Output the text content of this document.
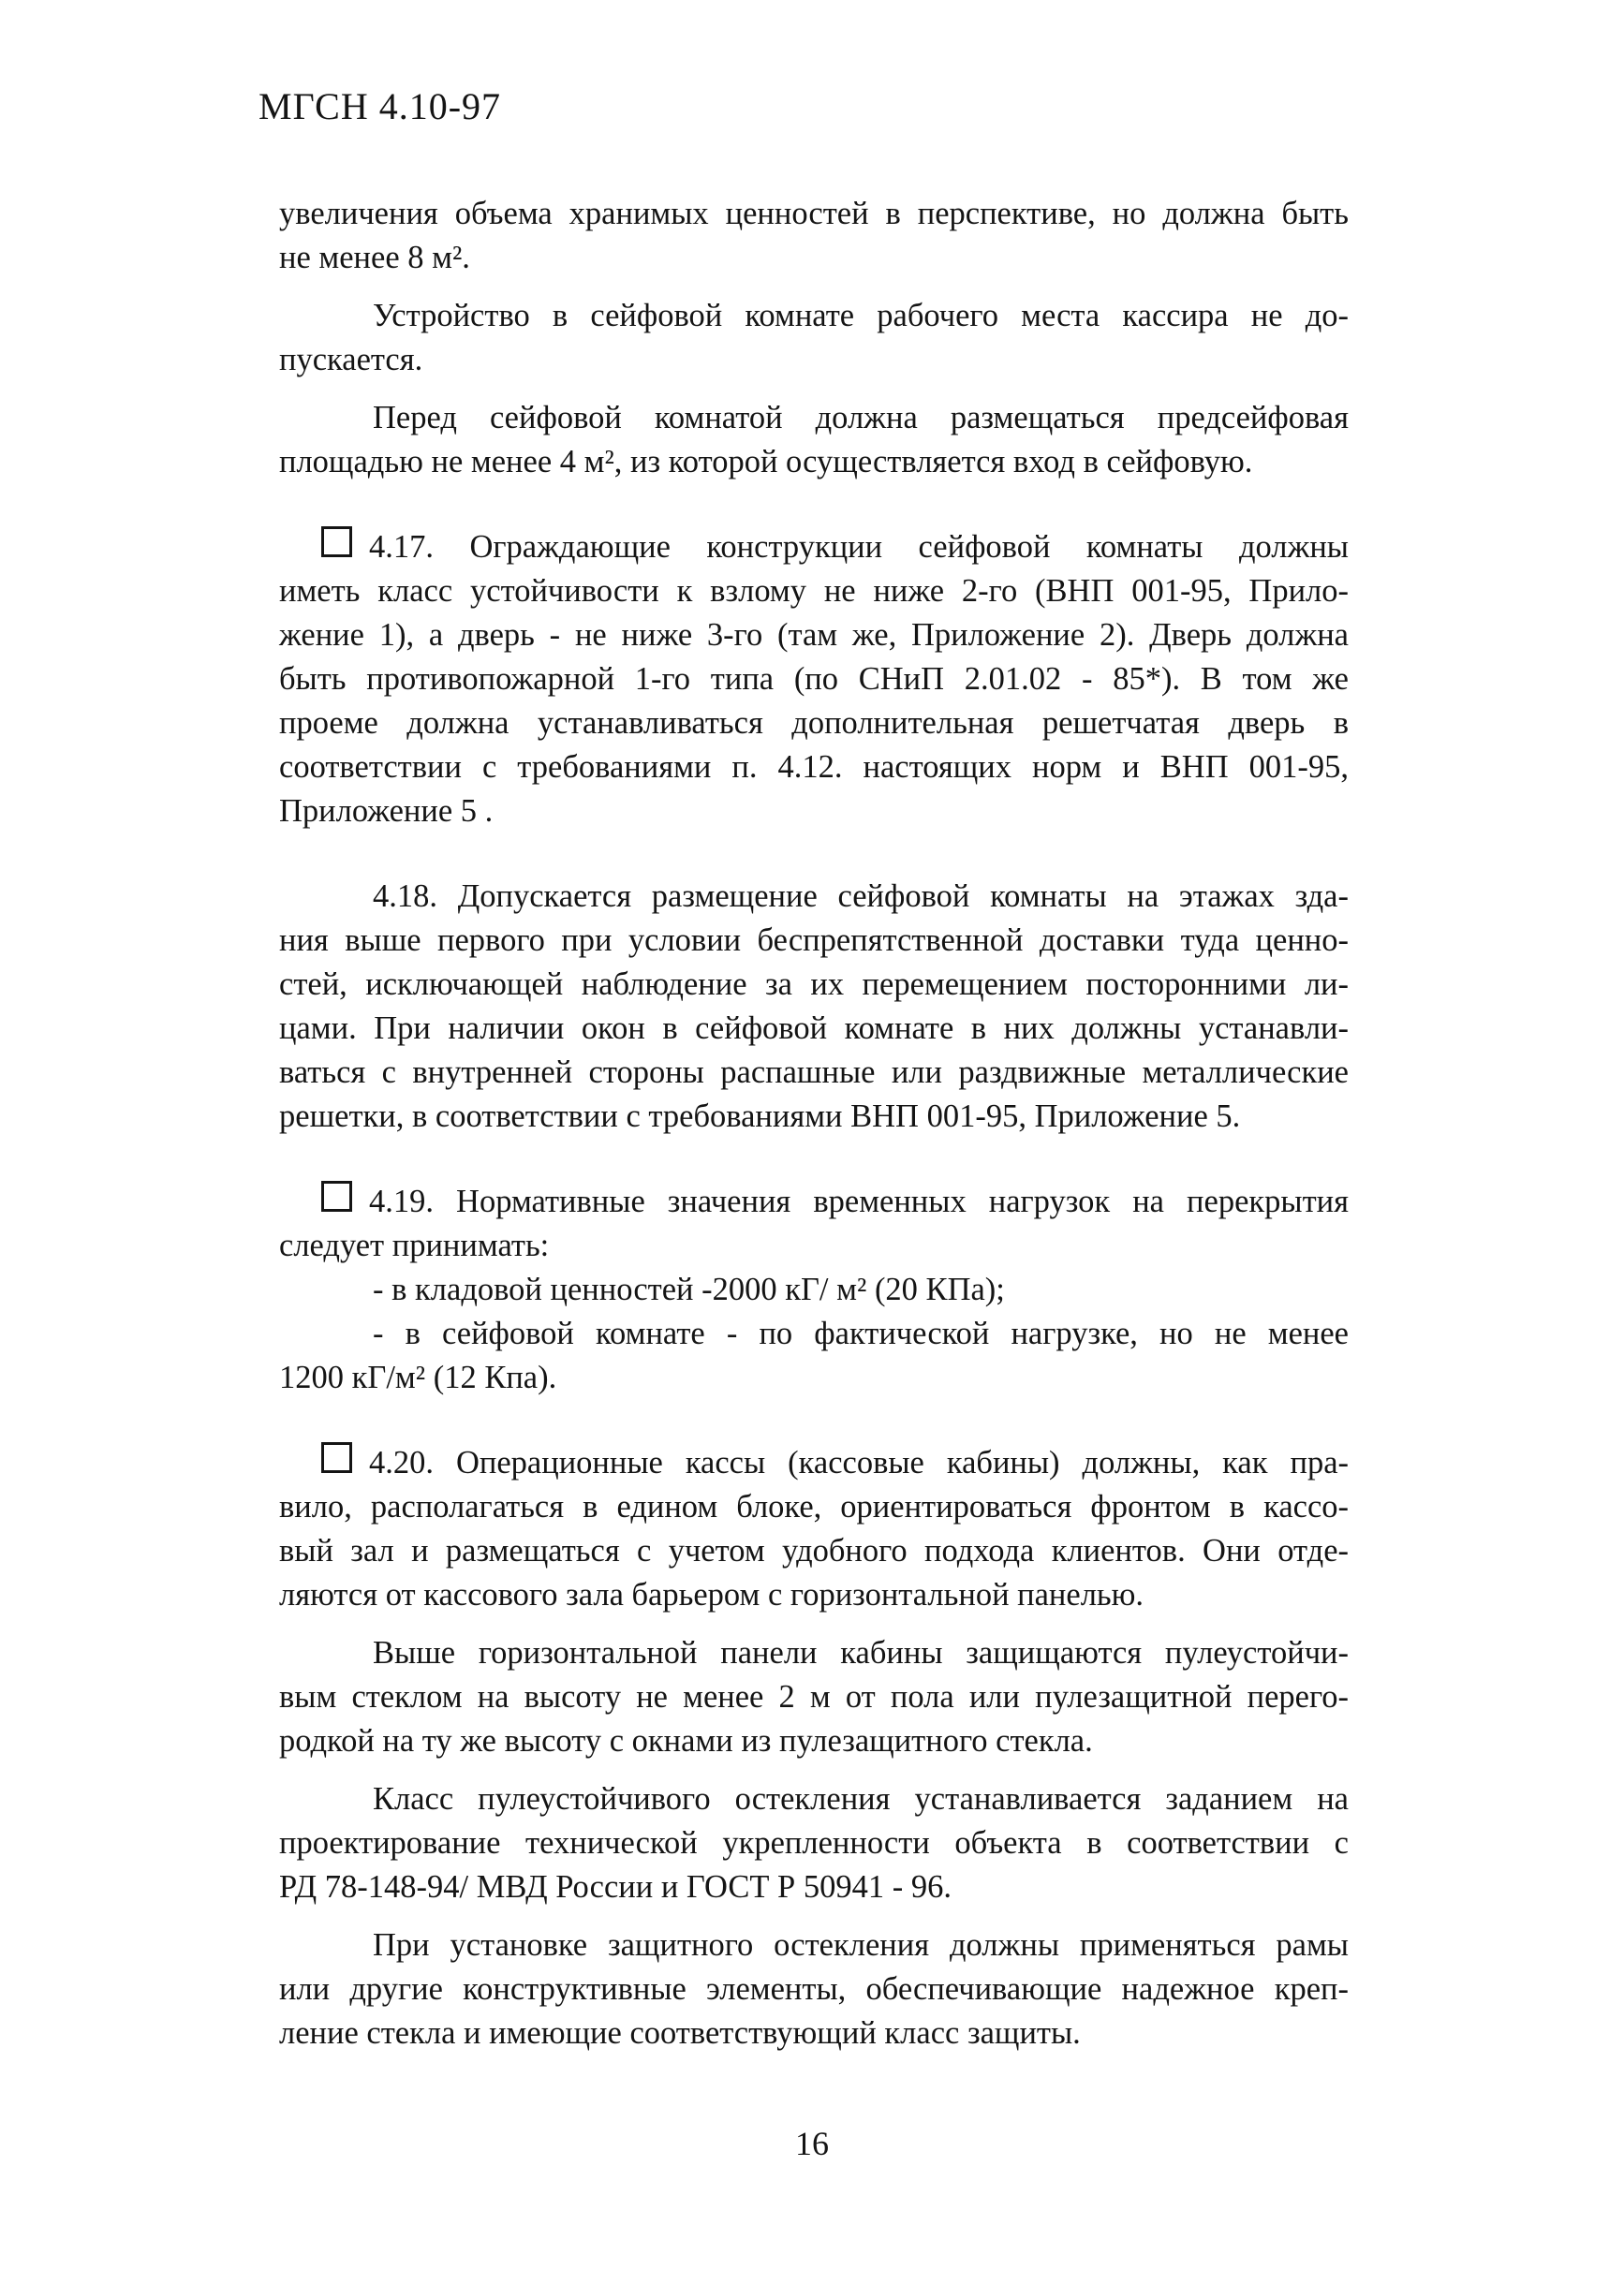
МГСН 4.10-97
увеличения объема хранимых ценностей в перспективе, но должна быть
не менее 8 м².
Устройство в сейфовой комнате рабочего места кассира не до-
пускается.
Перед сейфовой комнатой должна размещаться предсейфовая
площадью не менее 4 м², из которой осуществляется вход в сейфовую.
4.17. Ограждающие конструкции сейфовой комнаты должны
иметь класс устойчивости к взлому не ниже 2-го (ВНП 001-95, Прило-
жение 1), а дверь - не ниже 3-го (там же, Приложение 2). Дверь должна
быть противопожарной 1-го типа (по СНиП 2.01.02 - 85*). В том же
проеме должна устанавливаться дополнительная решетчатая дверь в
соответствии с требованиями п. 4.12. настоящих норм и ВНП 001-95,
Приложение 5 .
4.18. Допускается размещение сейфовой комнаты на этажах зда-
ния выше первого при условии беспрепятственной доставки туда ценно-
стей, исключающей наблюдение за их перемещением посторонними ли-
цами. При наличии окон в сейфовой комнате в них должны устанавли-
ваться с внутренней стороны распашные или раздвижные металлические
решетки, в соответствии с требованиями ВНП 001-95, Приложение 5.
4.19. Нормативные значения временных нагрузок на перекрытия
следует принимать:
- в кладовой ценностей -2000 кГ/ м² (20 КПа);
- в сейфовой комнате - по фактической нагрузке, но не менее
1200 кГ/м² (12 Кпа).
4.20. Операционные кассы (кассовые кабины) должны, как пра-
вило, располагаться в едином блоке, ориентироваться фронтом в кассо-
вый зал и размещаться с учетом удобного подхода клиентов. Они отде-
ляются от кассового зала барьером с горизонтальной панелью.
Выше горизонтальной панели кабины защищаются пулеустойчи-
вым стеклом на высоту не менее 2 м от пола или пулезащитной перего-
родкой на ту же высоту с окнами из пулезащитного стекла.
Класс пулеустойчивого остекления устанавливается заданием на
проектирование технической укрепленности объекта в соответствии с
РД 78-148-94/ МВД России и ГОСТ Р 50941 - 96.
При установке защитного остекления должны применяться рамы
или другие конструктивные элементы, обеспечивающие надежное креп-
ление стекла и имеющие соответствующий класс защиты.
16
